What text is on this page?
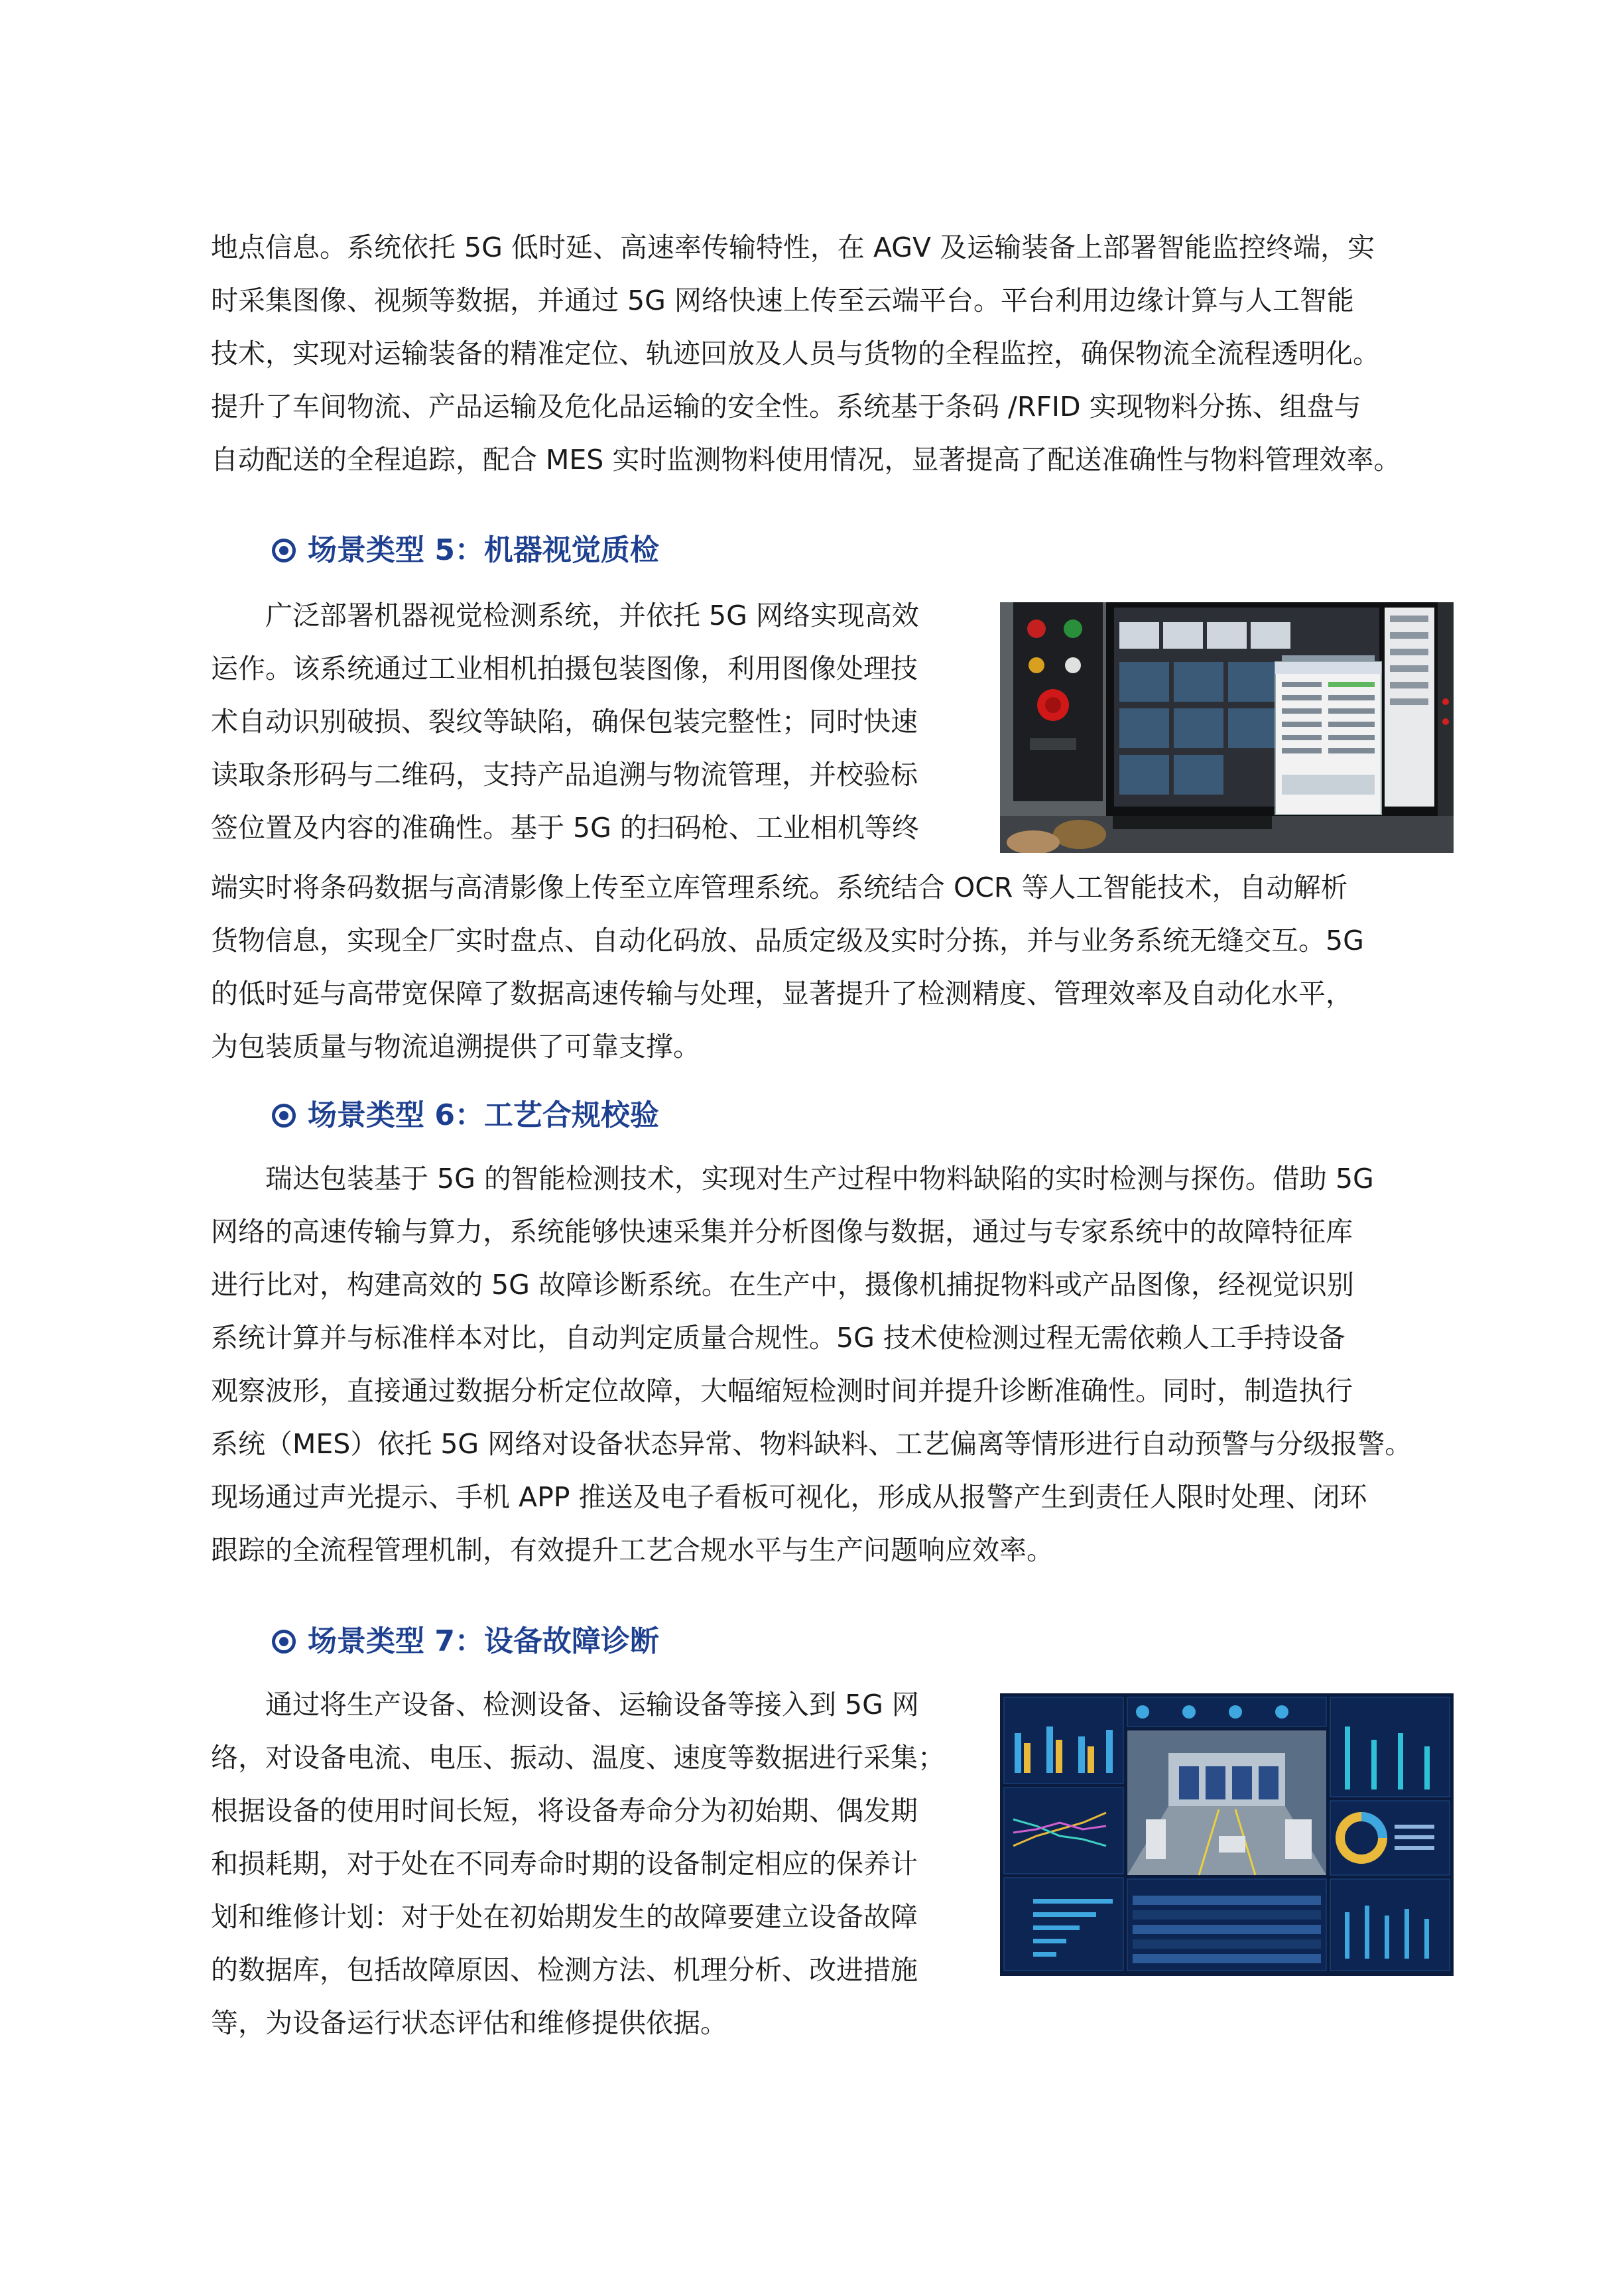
地点信息。系统依托 5G 低时延、高速率传输特性，在 AGV 及运输装备上部署智能监控终端，实
时采集图像、视频等数据，并通过 5G 网络快速上传至云端平台。平台利用边缘计算与人工智能
技术，实现对运输装备的精准定位、轨迹回放及人员与货物的全程监控，确保物流全流程透明化。
提升了车间物流、产品运输及危化品运输的安全性。系统基于条码 /RFID 实现物料分拣、组盘与
自动配送的全程追踪，配合 MES 实时监测物料使用情况，显著提高了配送准确性与物料管理效率。
场景类型 5：机器视觉质检
广泛部署机器视觉检测系统，并依托 5G 网络实现高效
运作。该系统通过工业相机拍摄包装图像，利用图像处理技
术自动识别破损、裂纹等缺陷，确保包装完整性；同时快速
读取条形码与二维码，支持产品追溯与物流管理，并校验标
签位置及内容的准确性。基于 5G 的扫码枪、工业相机等终
端实时将条码数据与高清影像上传至立库管理系统。系统结合 OCR 等人工智能技术，自动解析
货物信息，实现全厂实时盘点、自动化码放、品质定级及实时分拣，并与业务系统无缝交互。5G
的低时延与高带宽保障了数据高速传输与处理，显著提升了检测精度、管理效率及自动化水平，
为包装质量与物流追溯提供了可靠支撑。
场景类型 6：工艺合规校验
瑞达包装基于 5G 的智能检测技术，实现对生产过程中物料缺陷的实时检测与探伤。借助 5G
网络的高速传输与算力，系统能够快速采集并分析图像与数据，通过与专家系统中的故障特征库
进行比对，构建高效的 5G 故障诊断系统。在生产中，摄像机捕捉物料或产品图像，经视觉识别
系统计算并与标准样本对比，自动判定质量合规性。5G 技术使检测过程无需依赖人工手持设备
观察波形，直接通过数据分析定位故障，大幅缩短检测时间并提升诊断准确性。同时，制造执行
系统（MES）依托 5G 网络对设备状态异常、物料缺料、工艺偏离等情形进行自动预警与分级报警。
现场通过声光提示、手机 APP 推送及电子看板可视化，形成从报警产生到责任人限时处理、闭环
跟踪的全流程管理机制，有效提升工艺合规水平与生产问题响应效率。
场景类型 7：设备故障诊断
通过将生产设备、检测设备、运输设备等接入到 5G 网
络，对设备电流、电压、振动、温度、速度等数据进行采集；
根据设备的使用时间长短，将设备寿命分为初始期、偶发期
和损耗期，对于处在不同寿命时期的设备制定相应的保养计
划和维修计划：对于处在初始期发生的故障要建立设备故障
的数据库，包括故障原因、检测方法、机理分析、改进措施
等，为设备运行状态评估和维修提供依据。
